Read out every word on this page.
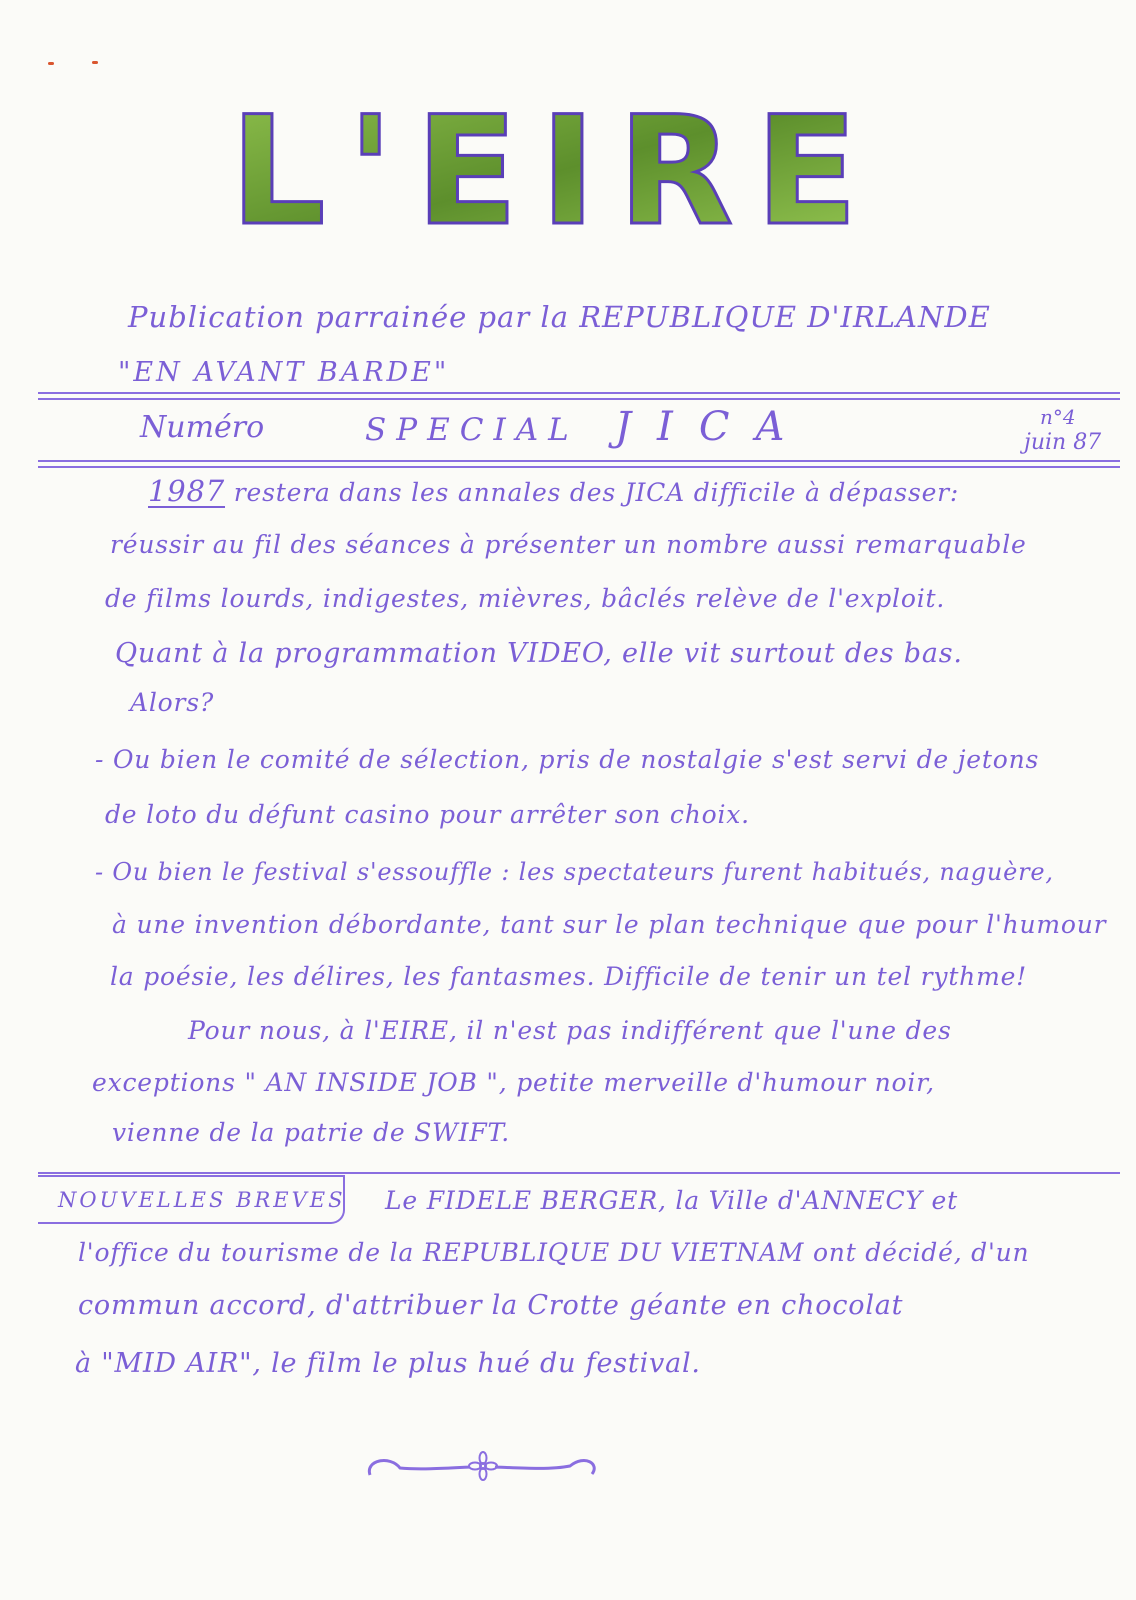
L'EIRE
Publication parrainée par la REPUBLIQUE D'IRLANDE
"EN AVANT BARDE"
Numéro	SPECIAL JICA	n°4
juin 87
1987 restera dans les annales des JICA difficile à dépasser:
réussir au fil des séances à présenter un nombre aussi remarquable
de films lourds, indigestes, mièvres, bâclés relève de l'exploit.
Quant à la programmation VIDEO, elle vit surtout des bas.
Alors?
- Ou bien le comité de sélection, pris de nostalgie s'est servi de jetons
de loto du défunt casino pour arrêter son choix.
- Ou bien le festival s'essouffle : les spectateurs furent habitués, naguère,
à une invention débordante, tant sur le plan technique que pour l'humour
la poésie, les délires, les fantasmes. Difficile de tenir un tel rythme!
Pour nous, à l'EIRE, il n'est pas indifférent que l'une des
exceptions " AN INSIDE JOB ", petite merveille d'humour noir,
vienne de la patrie de SWIFT.
NOUVELLES BREVES Le FIDELE BERGER, la Ville d'ANNECY et
l'office du tourisme de la REPUBLIQUE DU VIETNAM ont décidé, d'un
commun accord, d'attribuer la Crotte géante en chocolat
à "MID AIR", le film le plus hué du festival.
